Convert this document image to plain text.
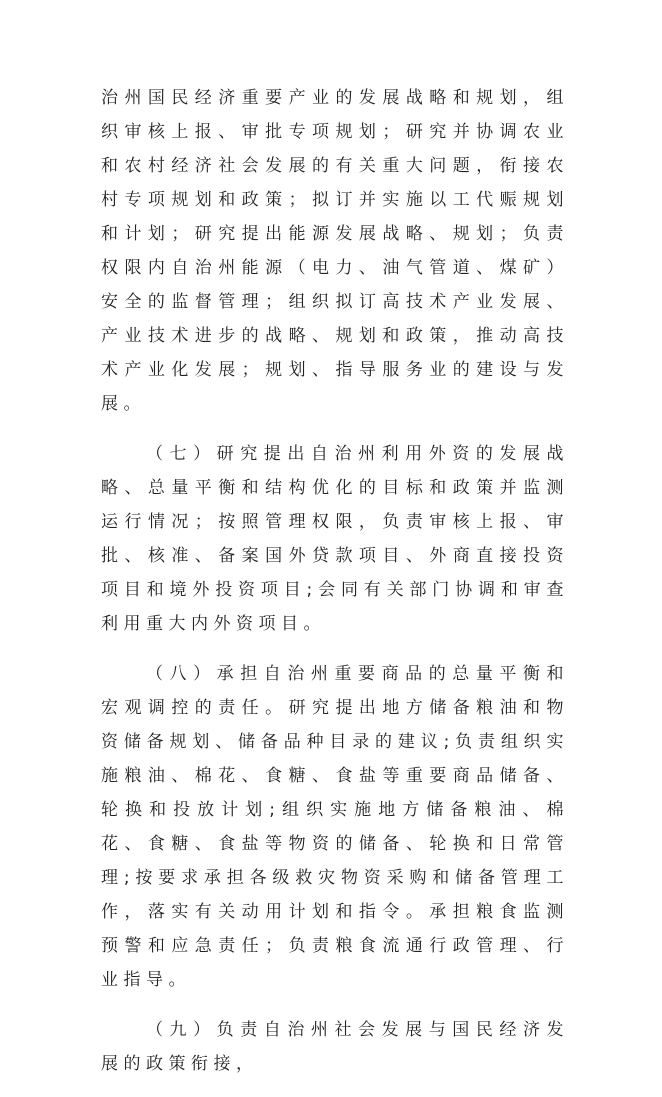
治州国民经济重要产业的发展战略和规划，组织审核上报、审批专项规划；研究并协调农业和农村经济社会发展的有关重大问题，衔接农村专项规划和政策；拟订并实施以工代赈规划和计划；研究提出能源发展战略、规划；负责权限内自治州能源（电力、油气管道、煤矿）安全的监督管理；组织拟订高技术产业发展、产业技术进步的战略、规划和政策，推动高技术产业化发展；规划、指导服务业的建设与发展。

（七）研究提出自治州利用外资的发展战略、总量平衡和结构优化的目标和政策并监测运行情况；按照管理权限，负责审核上报、审批、核准、备案国外贷款项目、外商直接投资项目和境外投资项目;会同有关部门协调和审查利用重大内外资项目。

（八）承担自治州重要商品的总量平衡和宏观调控的责任。研究提出地方储备粮油和物资储备规划、储备品种目录的建议;负责组织实施粮油、棉花、食糖、食盐等重要商品储备、轮换和投放计划;组织实施地方储备粮油、棉花、食糖、食盐等物资的储备、轮换和日常管理;按要求承担各级救灾物资采购和储备管理工作，落实有关动用计划和指令。承担粮食监测预警和应急责任；负责粮食流通行政管理、行业指导。

（九）负责自治州社会发展与国民经济发展的政策衔接，
